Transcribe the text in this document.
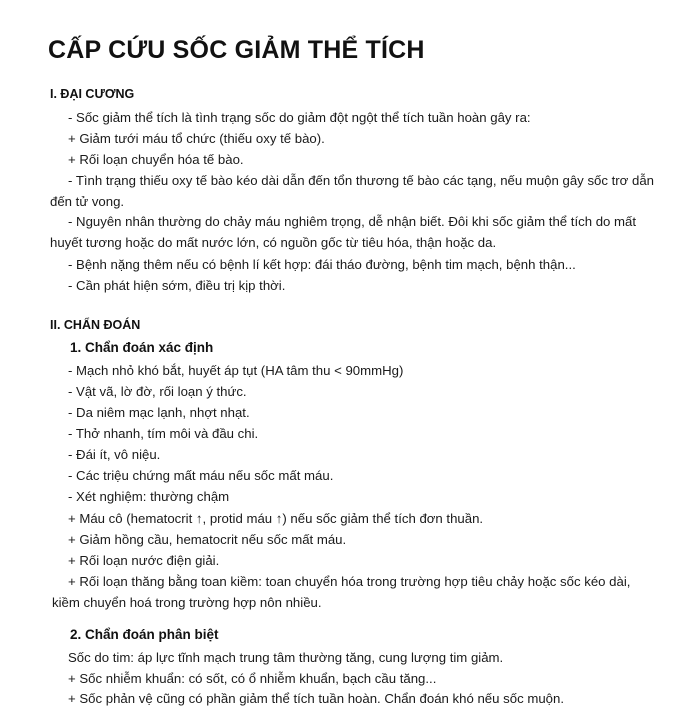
CẤP CỨU SỐC GIẢM THỂ TÍCH
I. ĐẠI CƯƠNG
- Sốc giảm thể tích là tình trạng sốc do giảm đột ngột thể tích tuần hoàn gây ra:
+ Giảm tưới máu tổ chức (thiếu oxy tế bào).
+ Rối loạn chuyển hóa tế bào.
- Tình trạng thiếu oxy tế bào kéo dài dẫn đến tổn thương tế bào các tạng, nếu muộn gây sốc trơ dẫn
đến tử vong.
- Nguyên nhân thường do chảy máu nghiêm trọng, dễ nhận biết. Đôi khi sốc giảm thể tích do mất
huyết tương hoặc do mất nước lớn, có nguồn gốc từ tiêu hóa, thận hoặc da.
- Bệnh nặng thêm nếu có bệnh lí kết hợp: đái tháo đường, bệnh tim mạch, bệnh thận...
- Cần phát hiện sớm, điều trị kịp thời.
II. CHẨN ĐOÁN
1. Chẩn đoán xác định
- Mạch nhỏ khó bắt, huyết áp tụt (HA tâm thu < 90mmHg)
- Vật vã, lờ đờ, rối loạn ý thức.
- Da niêm mạc lạnh, nhợt nhạt.
- Thở nhanh, tím môi và đầu chi.
- Đái ít, vô niệu.
- Các triệu chứng mất máu nếu sốc mất máu.
- Xét nghiệm: thường chậm
+ Máu cô (hematocrit ↑, protid máu ↑) nếu sốc giảm thể tích đơn thuần.
+ Giảm hồng cầu, hematocrit nếu sốc mất máu.
+ Rối loạn nước điện giải.
+ Rối loạn thăng bằng toan kiềm: toan chuyển hóa trong trường hợp tiêu chảy hoặc sốc kéo dài,
kiềm chuyển hoá trong trường hợp nôn nhiều.
2. Chẩn đoán phân biệt
Sốc do tim: áp lực tĩnh mạch trung tâm thường tăng, cung lượng tim giảm.
+ Sốc nhiễm khuẩn: có sốt, có ổ nhiễm khuẩn, bạch cầu tăng...
+ Sốc phản vệ cũng có phần giảm thể tích tuần hoàn. Chẩn đoán khó nếu sốc muộn.
